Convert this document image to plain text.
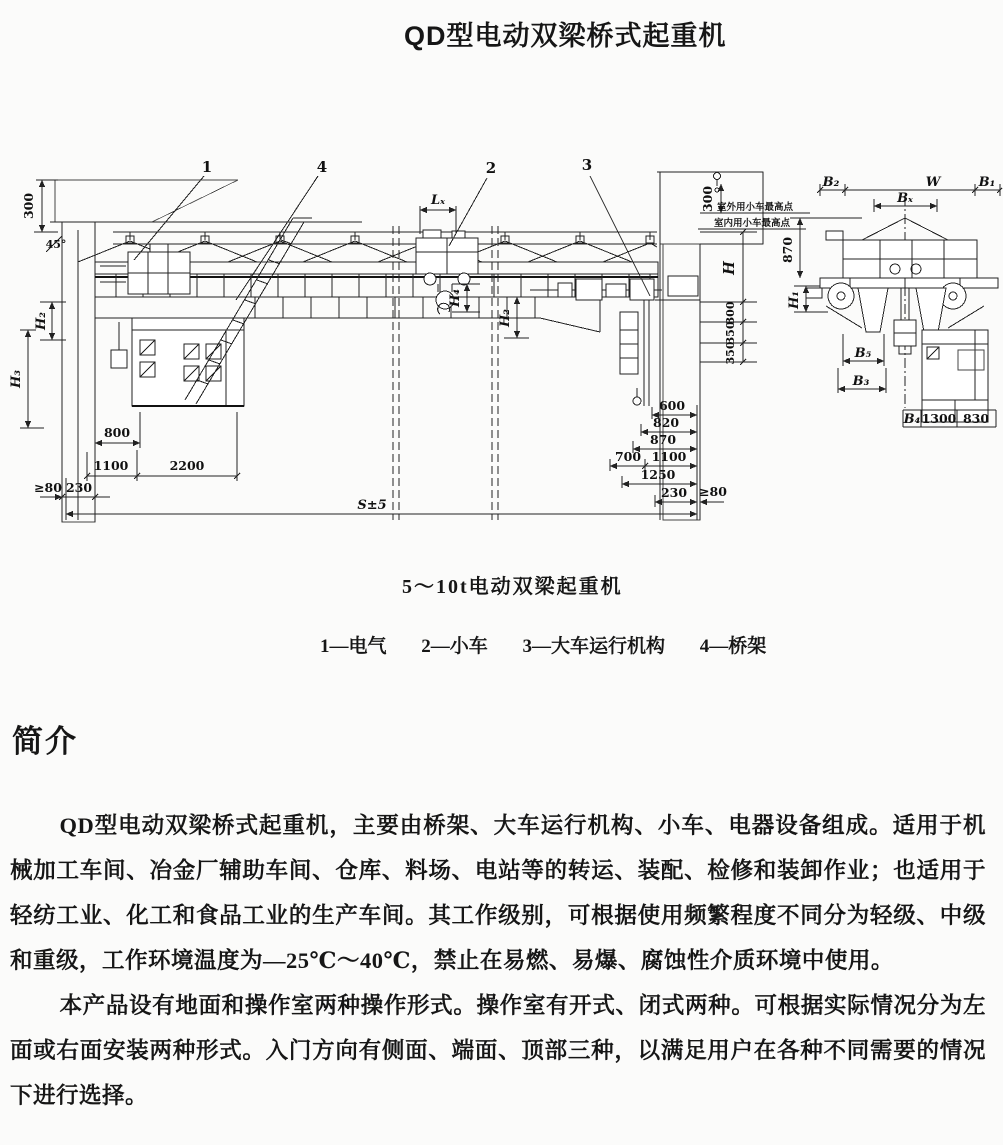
QD型电动双梁桥式起重机
1	4	2	3
Lₓ
300
45°
H₂
H₃
800
1100	2200
≥80 230
S±5
H₄
H₂
300 室外用小车最高点
室内用小车最高点
H
300
350
350
600
820
870
700 1100
1250
230 ≥80
B₂	W	B₁
Bₓ
870
H₁
B₅
B₃
B₄ 1300 830
5～10t电动双梁起重机
1—电气 2—小车 3—大车运行机构 4—桥架
简介

QD型电动双梁桥式起重机，主要由桥架、大车运行机构、小车、电器设备组成。适用于机械加工车间、冶金厂辅助车间、仓库、料场、电站等的转运、装配、检修和装卸作业；也适用于轻纺工业、化工和食品工业的生产车间。其工作级别，可根据使用频繁程度不同分为轻级、中级和重级，工作环境温度为—25℃～40℃，禁止在易燃、易爆、腐蚀性介质环境中使用。

本产品设有地面和操作室两种操作形式。操作室有开式、闭式两种。可根据实际情况分为左面或右面安装两种形式。入门方向有侧面、端面、顶部三种，以满足用户在各种不同需要的情况下进行选择。
